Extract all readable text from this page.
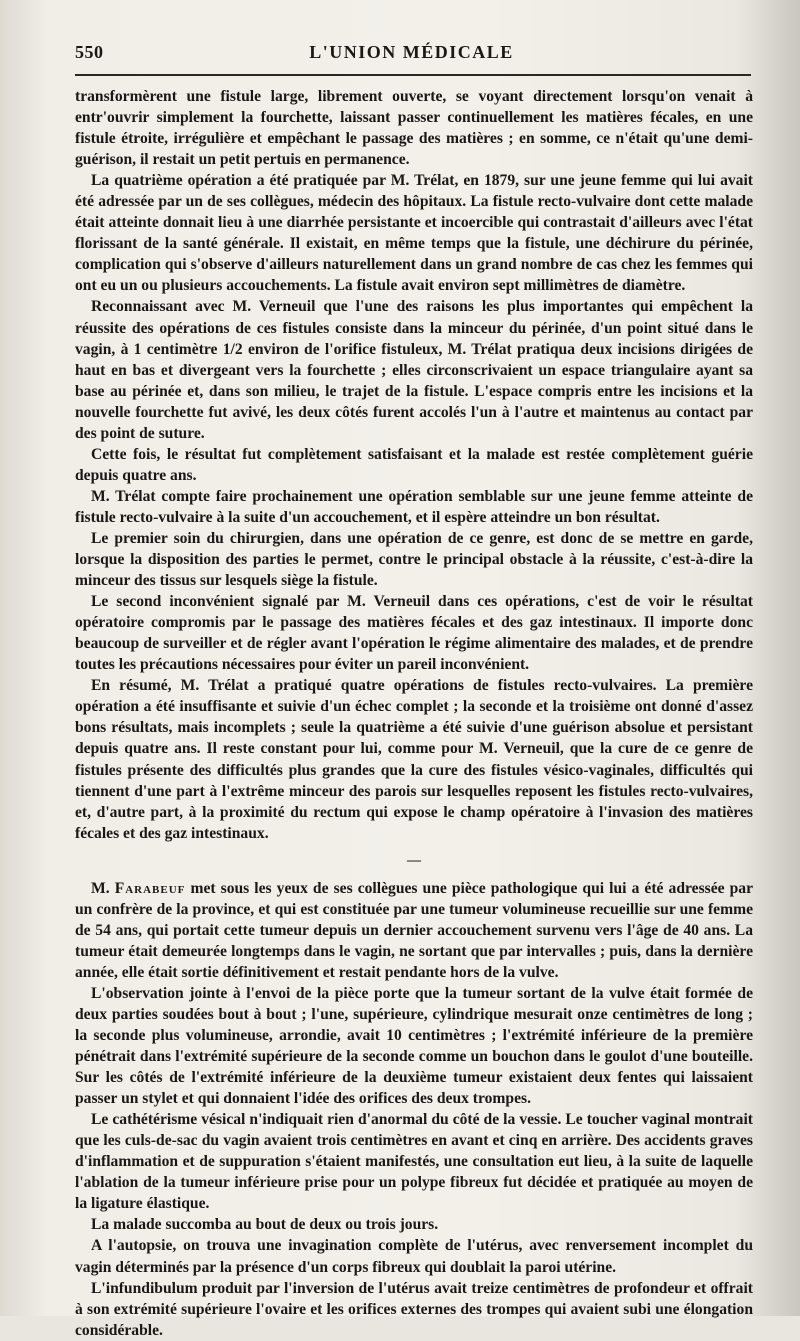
550	L'UNION MÉDICALE

transformèrent une fistule large, librement ouverte, se voyant directement lorsqu'on venait à entr'ouvrir simplement la fourchette, laissant passer continuellement les matières fécales, en une fistule étroite, irrégulière et empêchant le passage des matières ; en somme, ce n'était qu'une demi-guérison, il restait un petit pertuis en permanence.

La quatrième opération a été pratiquée par M. Trélat, en 1879, sur une jeune femme qui lui avait été adressée par un de ses collègues, médecin des hôpitaux. La fistule recto-vulvaire dont cette malade était atteinte donnait lieu à une diarrhée persistante et incoercible qui contrastait d'ailleurs avec l'état florissant de la santé générale. Il existait, en même temps que la fistule, une déchirure du périnée, complication qui s'observe d'ailleurs naturellement dans un grand nombre de cas chez les femmes qui ont eu un ou plusieurs accouchements. La fistule avait environ sept millimètres de diamètre.

Reconnaissant avec M. Verneuil que l'une des raisons les plus importantes qui empêchent la réussite des opérations de ces fistules consiste dans la minceur du périnée, d'un point situé dans le vagin, à 1 centimètre 1/2 environ de l'orifice fistuleux, M. Trélat pratiqua deux incisions dirigées de haut en bas et divergeant vers la fourchette ; elles circonscrivaient un espace triangulaire ayant sa base au périnée et, dans son milieu, le trajet de la fistule. L'espace compris entre les incisions et la nouvelle fourchette fut avivé, les deux côtés furent accolés l'un à l'autre et maintenus au contact par des point de suture.

Cette fois, le résultat fut complètement satisfaisant et la malade est restée complètement guérie depuis quatre ans.

M. Trélat compte faire prochainement une opération semblable sur une jeune femme atteinte de fistule recto-vulvaire à la suite d'un accouchement, et il espère atteindre un bon résultat.

Le premier soin du chirurgien, dans une opération de ce genre, est donc de se mettre en garde, lorsque la disposition des parties le permet, contre le principal obstacle à la réussite, c'est-à-dire la minceur des tissus sur lesquels siège la fistule.

Le second inconvénient signalé par M. Verneuil dans ces opérations, c'est de voir le résultat opératoire compromis par le passage des matières fécales et des gaz intestinaux. Il importe donc beaucoup de surveiller et de régler avant l'opération le régime alimentaire des malades, et de prendre toutes les précautions nécessaires pour éviter un pareil inconvénient.

En résumé, M. Trélat a pratiqué quatre opérations de fistules recto-vulvaires. La première opération a été insuffisante et suivie d'un échec complet ; la seconde et la troisième ont donné d'assez bons résultats, mais incomplets ; seule la quatrième a été suivie d'une guérison absolue et persistant depuis quatre ans. Il reste constant pour lui, comme pour M. Verneuil, que la cure de ce genre de fistules présente des difficultés plus grandes que la cure des fistules vésico-vaginales, difficultés qui tiennent d'une part à l'extrême minceur des parois sur lesquelles reposent les fistules recto-vulvaires, et, d'autre part, à la proximité du rectum qui expose le champ opératoire à l'invasion des matières fécales et des gaz intestinaux.

—

M. Farabeuf met sous les yeux de ses collègues une pièce pathologique qui lui a été adressée par un confrère de la province, et qui est constituée par une tumeur volumineuse recueillie sur une femme de 54 ans, qui portait cette tumeur depuis un dernier accouchement survenu vers l'âge de 40 ans. La tumeur était demeurée longtemps dans le vagin, ne sortant que par intervalles ; puis, dans la dernière année, elle était sortie définitivement et restait pendante hors de la vulve.

L'observation jointe à l'envoi de la pièce porte que la tumeur sortant de la vulve était formée de deux parties soudées bout à bout ; l'une, supérieure, cylindrique mesurait onze centimètres de long ; la seconde plus volumineuse, arrondie, avait 10 centimètres ; l'extrémité inférieure de la première pénétrait dans l'extrémité supérieure de la seconde comme un bouchon dans le goulot d'une bouteille. Sur les côtés de l'extrémité inférieure de la deuxième tumeur existaient deux fentes qui laissaient passer un stylet et qui donnaient l'idée des orifices des deux trompes.

Le cathétérisme vésical n'indiquait rien d'anormal du côté de la vessie. Le toucher vaginal montrait que les culs-de-sac du vagin avaient trois centimètres en avant et cinq en arrière. Des accidents graves d'inflammation et de suppuration s'étaient manifestés, une consultation eut lieu, à la suite de laquelle l'ablation de la tumeur inférieure prise pour un polype fibreux fut décidée et pratiquée au moyen de la ligature élastique.

La malade succomba au bout de deux ou trois jours.

A l'autopsie, on trouva une invagination complète de l'utérus, avec renversement incomplet du vagin déterminés par la présence d'un corps fibreux qui doublait la paroi utérine.

L'infundibulum produit par l'inversion de l'utérus avait treize centimètres de profondeur et offrait à son extrémité supérieure l'ovaire et les orifices externes des trompes qui avaient subi une élongation considérable.
